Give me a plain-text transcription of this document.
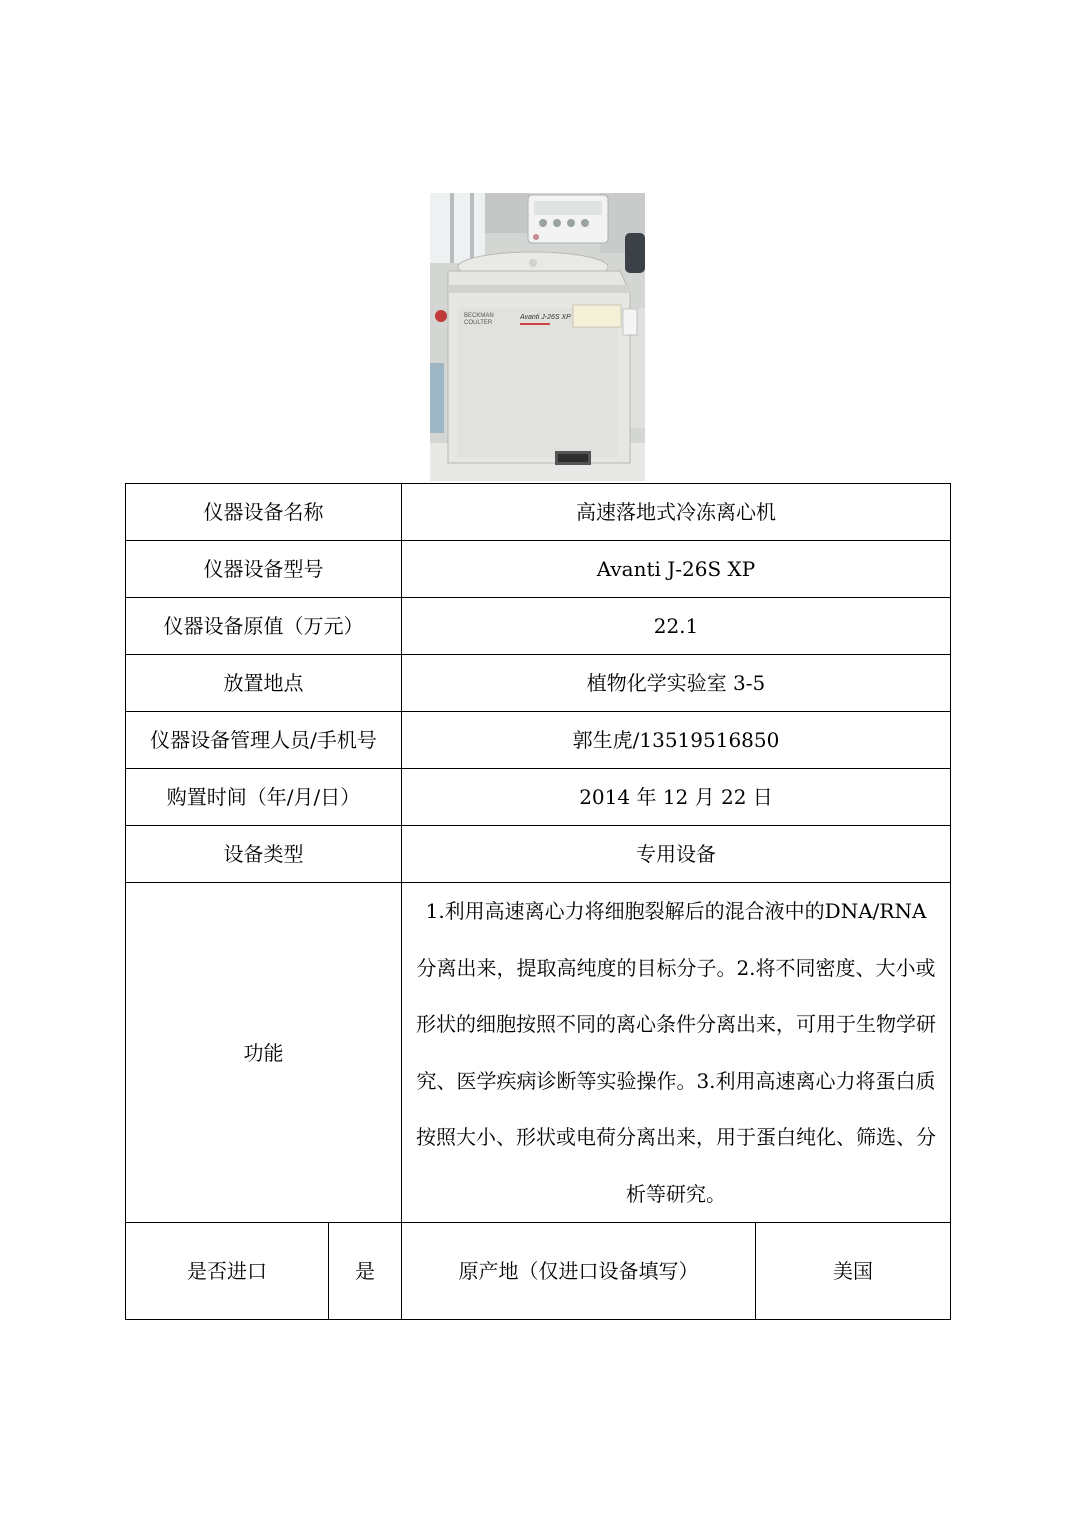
BECKMAN
COULTER
Avanti J-26S XP
仪器设备名称		高速落地式冷冻离心机	
仪器设备型号		Avanti J-26S XP	
仪器设备原值（万元）		22.1	
放置地点		植物化学实验室 3-5	
仪器设备管理人员/手机号		郭生虎/13519516850	
购置时间（年/月/日）		2014 年 12 月 22 日	
设备类型		专用设备	
功能		1.利用高速离心力将细胞裂解后的混合液中的DNA/RNA 分离出来，提取高纯度的目标分子。2.将不同密度、大小或形状的细胞按照不同的离心条件分离出来，可用于生物学研究、医学疾病诊断等实验操作。3.利用高速离心力将蛋白质按照大小、形状或电荷分离出来，用于蛋白纯化、筛选、分析等研究。	
是否进口	是	原产地（仅进口设备填写）	美国
